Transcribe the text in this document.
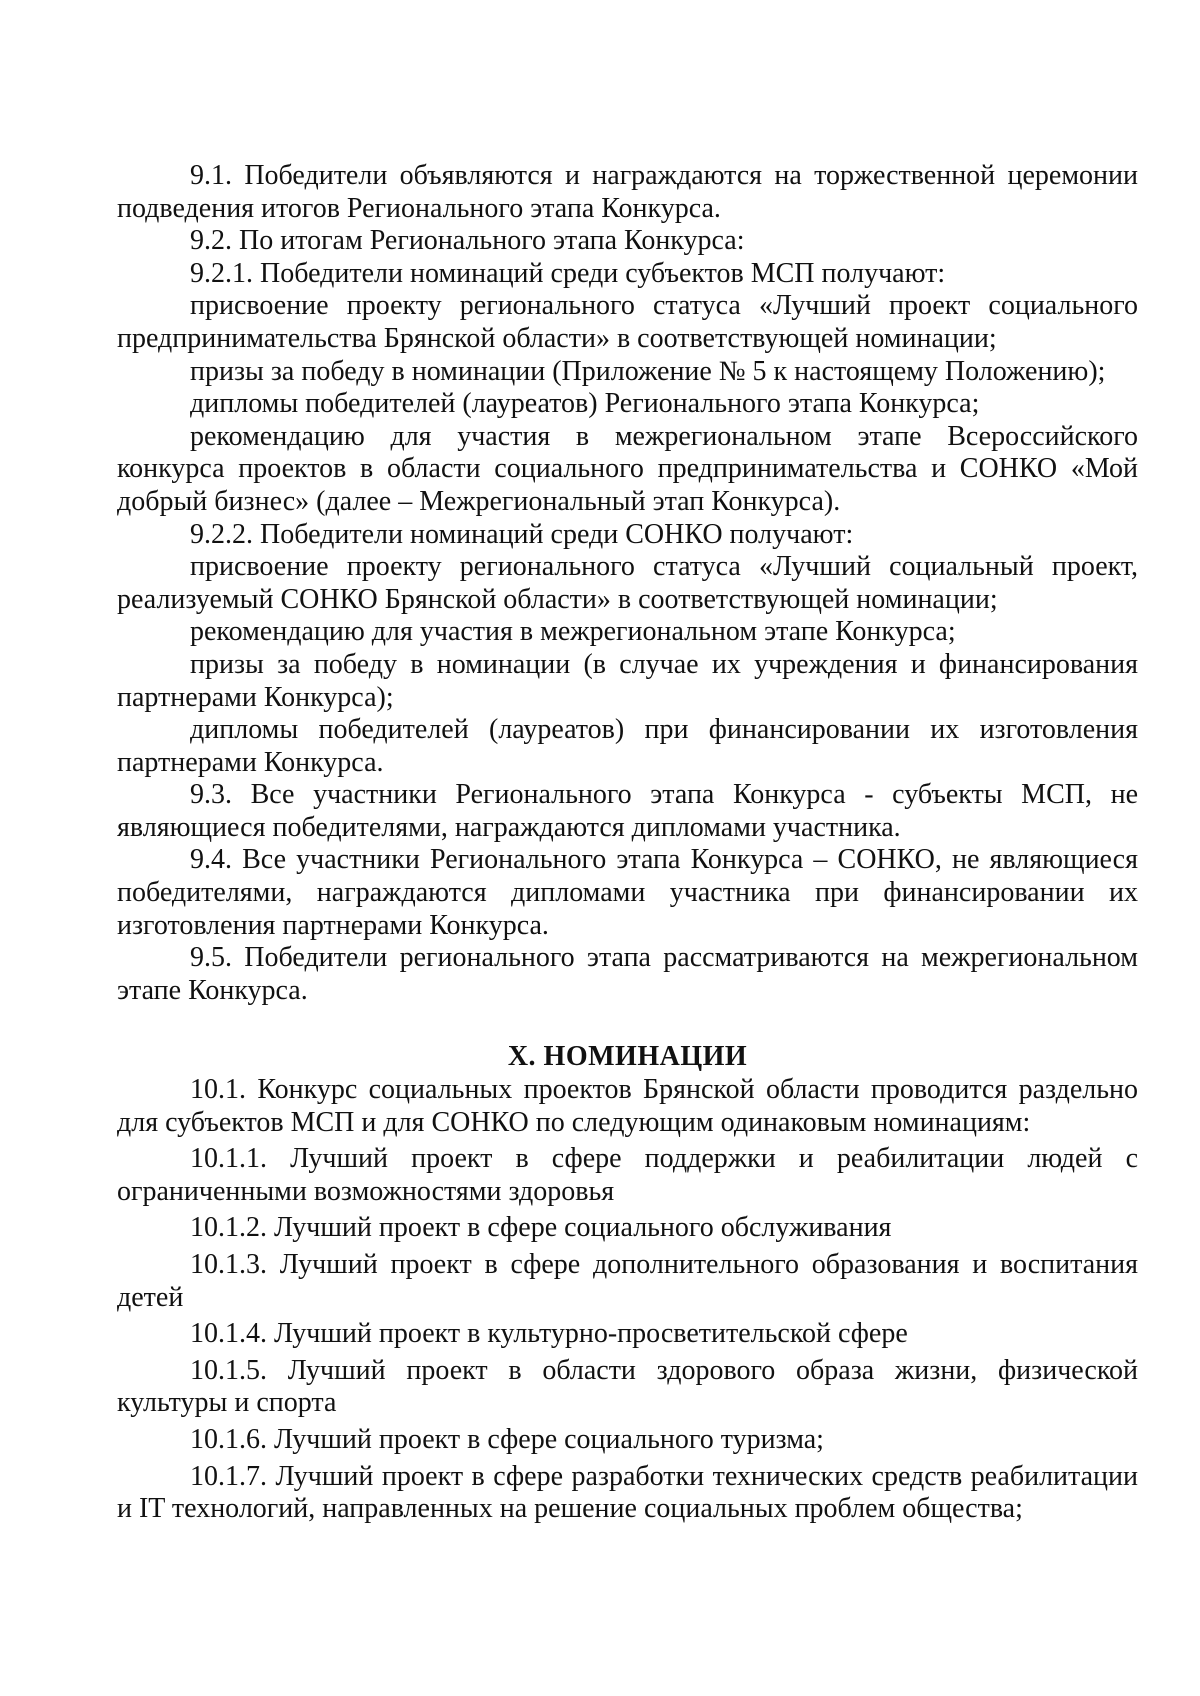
9.1. Победители объявляются и награждаются на торжественной церемонии подведения итогов Регионального этапа Конкурса.

9.2. По итогам Регионального этапа Конкурса:

9.2.1. Победители номинаций среди субъектов МСП получают:

присвоение проекту регионального статуса «Лучший проект социального предпринимательства Брянской области» в соответствующей номинации;

призы за победу в номинации (Приложение № 5 к настоящему Положению);

дипломы победителей (лауреатов) Регионального этапа Конкурса;

рекомендацию для участия в межрегиональном этапе Всероссийского конкурса проектов в области социального предпринимательства и СОНКО «Мой добрый бизнес» (далее – Межрегиональный этап Конкурса).

9.2.2. Победители номинаций среди СОНКО получают:

присвоение проекту регионального статуса «Лучший социальный проект, реализуемый СОНКО Брянской области» в соответствующей номинации;

рекомендацию для участия в межрегиональном этапе Конкурса;

призы за победу в номинации (в случае их учреждения и финансирования партнерами Конкурса);

дипломы победителей (лауреатов) при финансировании их изготовления партнерами Конкурса.

9.3. Все участники Регионального этапа Конкурса - субъекты МСП, не являющиеся победителями, награждаются дипломами участника.

9.4. Все участники Регионального этапа Конкурса – СОНКО, не являющиеся победителями, награждаются дипломами участника при финансировании их изготовления партнерами Конкурса.

9.5. Победители регионального этапа рассматриваются на межрегиональном этапе Конкурса.

X. НОМИНАЦИИ

10.1. Конкурс социальных проектов Брянской области проводится раздельно для субъектов МСП и для СОНКО по следующим одинаковым номинациям:

10.1.1. Лучший проект в сфере поддержки и реабилитации людей с ограниченными возможностями здоровья

10.1.2. Лучший проект в сфере социального обслуживания

10.1.3. Лучший проект в сфере дополнительного образования и воспитания детей

10.1.4. Лучший проект в культурно-просветительской сфере

10.1.5. Лучший проект в области здорового образа жизни, физической культуры и спорта

10.1.6. Лучший проект в сфере социального туризма;

10.1.7. Лучший проект в сфере разработки технических средств реабилитации и IT технологий, направленных на решение социальных проблем общества;
